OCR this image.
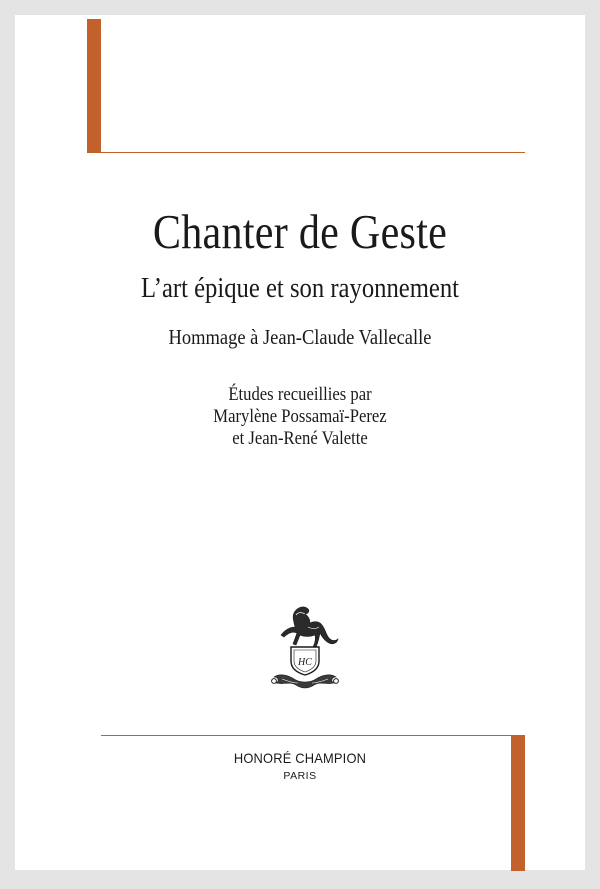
Chanter de Geste
L’art épique et son rayonnement
Hommage à Jean-Claude Vallecalle
Études recueillies par
Marylène Possamaï-Perez
et Jean-René Valette
HC
HONORÉ CHAMPION
PARIS
